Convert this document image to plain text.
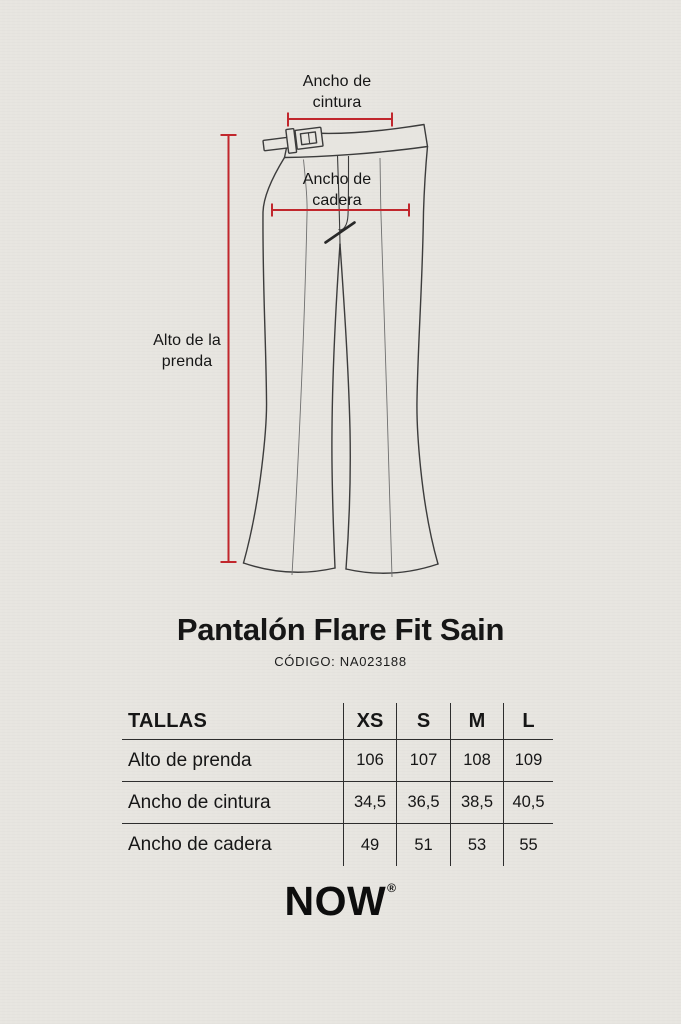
Ancho de cintura
Ancho de cadera
Alto de la prenda
Pantalón Flare Fit Sain
CÓDIGO: NA023188
TALLAS	XS	S	M	L
Alto de prenda	106	107	108	109
Ancho de cintura	34,5	36,5	38,5	40,5
Ancho de cadera	49	51	53	55
NOW®
